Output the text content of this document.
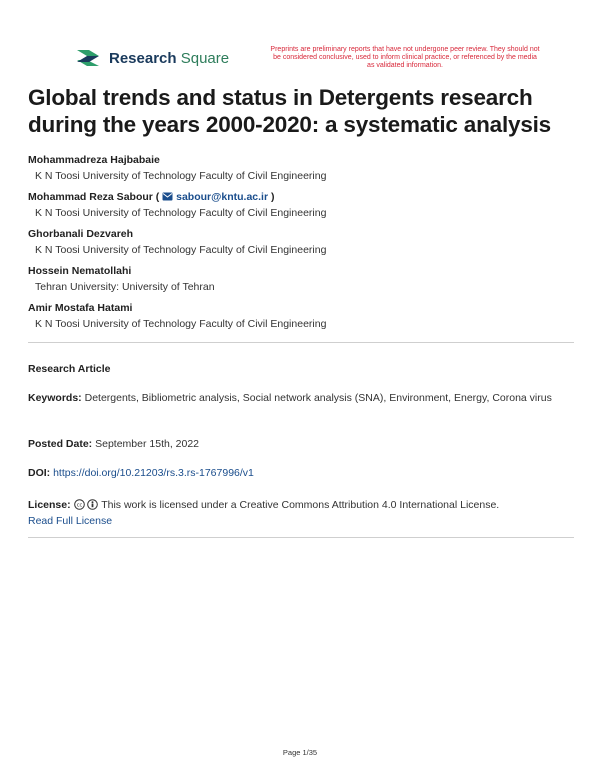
Research Square	Preprints are preliminary reports that have not undergone peer review. They should not be considered conclusive, used to inform clinical practice, or referenced by the media as validated information.
Global trends and status in Detergents research during the years 2000-2020: a systematic analysis
Mohammadreza Hajbabaie
K N Toosi University of Technology Faculty of Civil Engineering
Mohammad Reza Sabour (  sabour@kntu.ac.ir )
K N Toosi University of Technology Faculty of Civil Engineering
Ghorbanali Dezvareh
K N Toosi University of Technology Faculty of Civil Engineering
Hossein Nematollahi
Tehran University: University of Tehran
Amir Mostafa Hatami
K N Toosi University of Technology Faculty of Civil Engineering
Research Article
Keywords: Detergents, Bibliometric analysis, Social network analysis (SNA), Environment, Energy, Corona virus
Posted Date: September 15th, 2022
DOI: https://doi.org/10.21203/rs.3.rs-1767996/v1
License: cc This work is licensed under a Creative Commons Attribution 4.0 International License.
Read Full License
Page 1/35
